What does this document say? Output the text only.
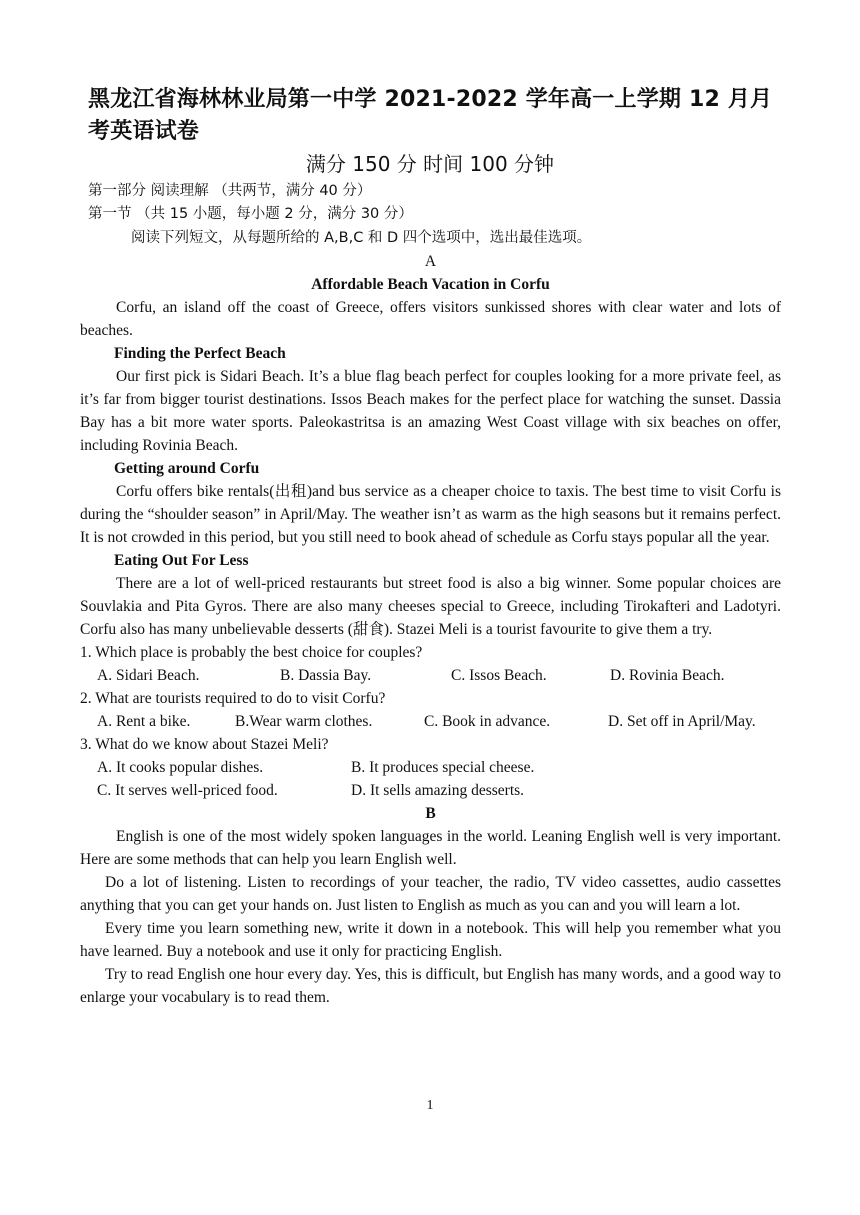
黑龙江省海林林业局第一中学 2021-2022 学年高一上学期 12 月月考英语试卷
满分 150 分 时间 100 分钟
第一部分 阅读理解 （共两节，满分 40 分）
第一节 （共 15 小题，每小题 2 分，满分 30 分）
阅读下列短文，从每题所给的 A,B,C 和 D 四个选项中，选出最佳选项。

A

Affordable Beach Vacation in Corfu

Corfu, an island off the coast of Greece, offers visitors sunkissed shores with clear water and lots of beaches.

Finding the Perfect Beach

Our first pick is Sidari Beach. It’s a blue flag beach perfect for couples looking for a more private feel, as it’s far from bigger tourist destinations. Issos Beach makes for the perfect place for watching the sunset. Dassia Bay has a bit more water sports. Paleokastritsa is an amazing West Coast village with six beaches on offer, including Rovinia Beach.

Getting around Corfu

Corfu offers bike rentals(出租)and bus service as a cheaper choice to taxis. The best time to visit Corfu is during the “shoulder season” in April/May. The weather isn’t as warm as the high seasons but it remains perfect. It is not crowded in this period, but you still need to book ahead of schedule as Corfu stays popular all the year.

Eating Out For Less

There are a lot of well-priced restaurants but street food is also a big winner. Some popular choices are Souvlakia and Pita Gyros. There are also many cheeses special to Greece, including Tirokafteri and Ladotyri. Corfu also has many unbelievable desserts (甜食). Stazei Meli is a tourist favourite to give them a try.

1. Which place is probably the best choice for couples?

A. Sidari Beach.	B. Dassia Bay.	C. Issos Beach.	D. Rovinia Beach.

2. What are tourists required to do to visit Corfu?

A. Rent a bike.	B.Wear warm clothes.	C. Book in advance.	D. Set off in April/May.

3. What do we know about Stazei Meli?

A. It cooks popular dishes.	B. It produces special cheese.
C. It serves well-priced food.	D. It sells amazing desserts.

B

English is one of the most widely spoken languages in the world. Leaning English well is very important. Here are some methods that can help you learn English well.

Do a lot of listening. Listen to recordings of your teacher, the radio, TV video cassettes, audio cassettes anything that you can get your hands on. Just listen to English as much as you can and you will learn a lot.

Every time you learn something new, write it down in a notebook. This will help you remember what you have learned. Buy a notebook and use it only for practicing English.

Try to read English one hour every day. Yes, this is difficult, but English has many words, and a good way to enlarge your vocabulary is to read them.

1
